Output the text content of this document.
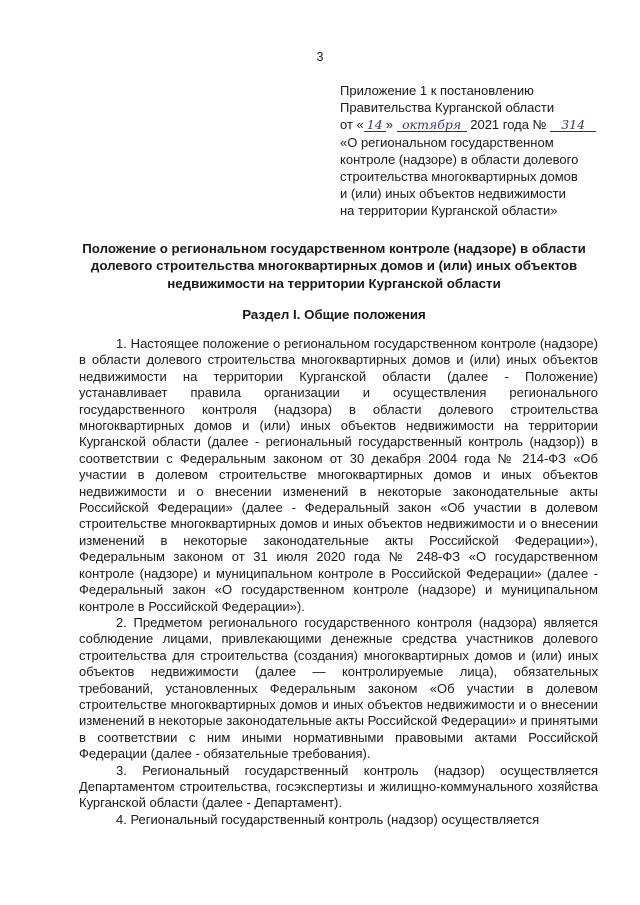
3
Приложение 1 к постановлению
Правительства Курганской области
от « 14 » октября 2021 года № 314
«О региональном государственном
контроле (надзоре) в области долевого
строительства многоквартирных домов
и (или) иных объектов недвижимости
на территории Курганской области»
Положение о региональном государственном контроле (надзоре) в области долевого строительства многоквартирных домов и (или) иных объектов недвижимости на территории Курганской области
Раздел I. Общие положения

1. Настоящее положение о региональном государственном контроле (надзоре) в области долевого строительства многоквартирных домов и (или) иных объектов недвижимости на территории Курганской области (далее - Положение) устанавливает правила организации и осуществления регионального государственного контроля (надзора) в области долевого строительства многоквартирных домов и (или) иных объектов недвижимости на территории Курганской области (далее - региональный государственный контроль (надзор)) в соответствии с Федеральным законом от 30 декабря 2004 года № 214-ФЗ «Об участии в долевом строительстве многоквартирных домов и иных объектов недвижимости и о внесении изменений в некоторые законодательные акты Российской Федерации» (далее - Федеральный закон «Об участии в долевом строительстве многоквартирных домов и иных объектов недвижимости и о внесении изменений в некоторые законодательные акты Российской Федерации»), Федеральным законом от 31 июля 2020 года № 248-ФЗ «О государственном контроле (надзоре) и муниципальном контроле в Российской Федерации» (далее - Федеральный закон «О государственном контроле (надзоре) и муниципальном контроле в Российской Федерации»).

2. Предметом регионального государственного контроля (надзора) является соблюдение лицами, привлекающими денежные средства участников долевого строительства для строительства (создания) многоквартирных домов и (или) иных объектов недвижимости (далее — контролируемые лица), обязательных требований, установленных Федеральным законом «Об участии в долевом строительстве многоквартирных домов и иных объектов недвижимости и о внесении изменений в некоторые законодательные акты Российской Федерации» и принятыми в соответствии с ним иными нормативными правовыми актами Российской Федерации (далее - обязательные требования).

3. Региональный государственный контроль (надзор) осуществляется Департаментом строительства, госэкспертизы и жилищно-коммунального хозяйства Курганской области (далее - Департамент).

4. Региональный государственный контроль (надзор) осуществляется
